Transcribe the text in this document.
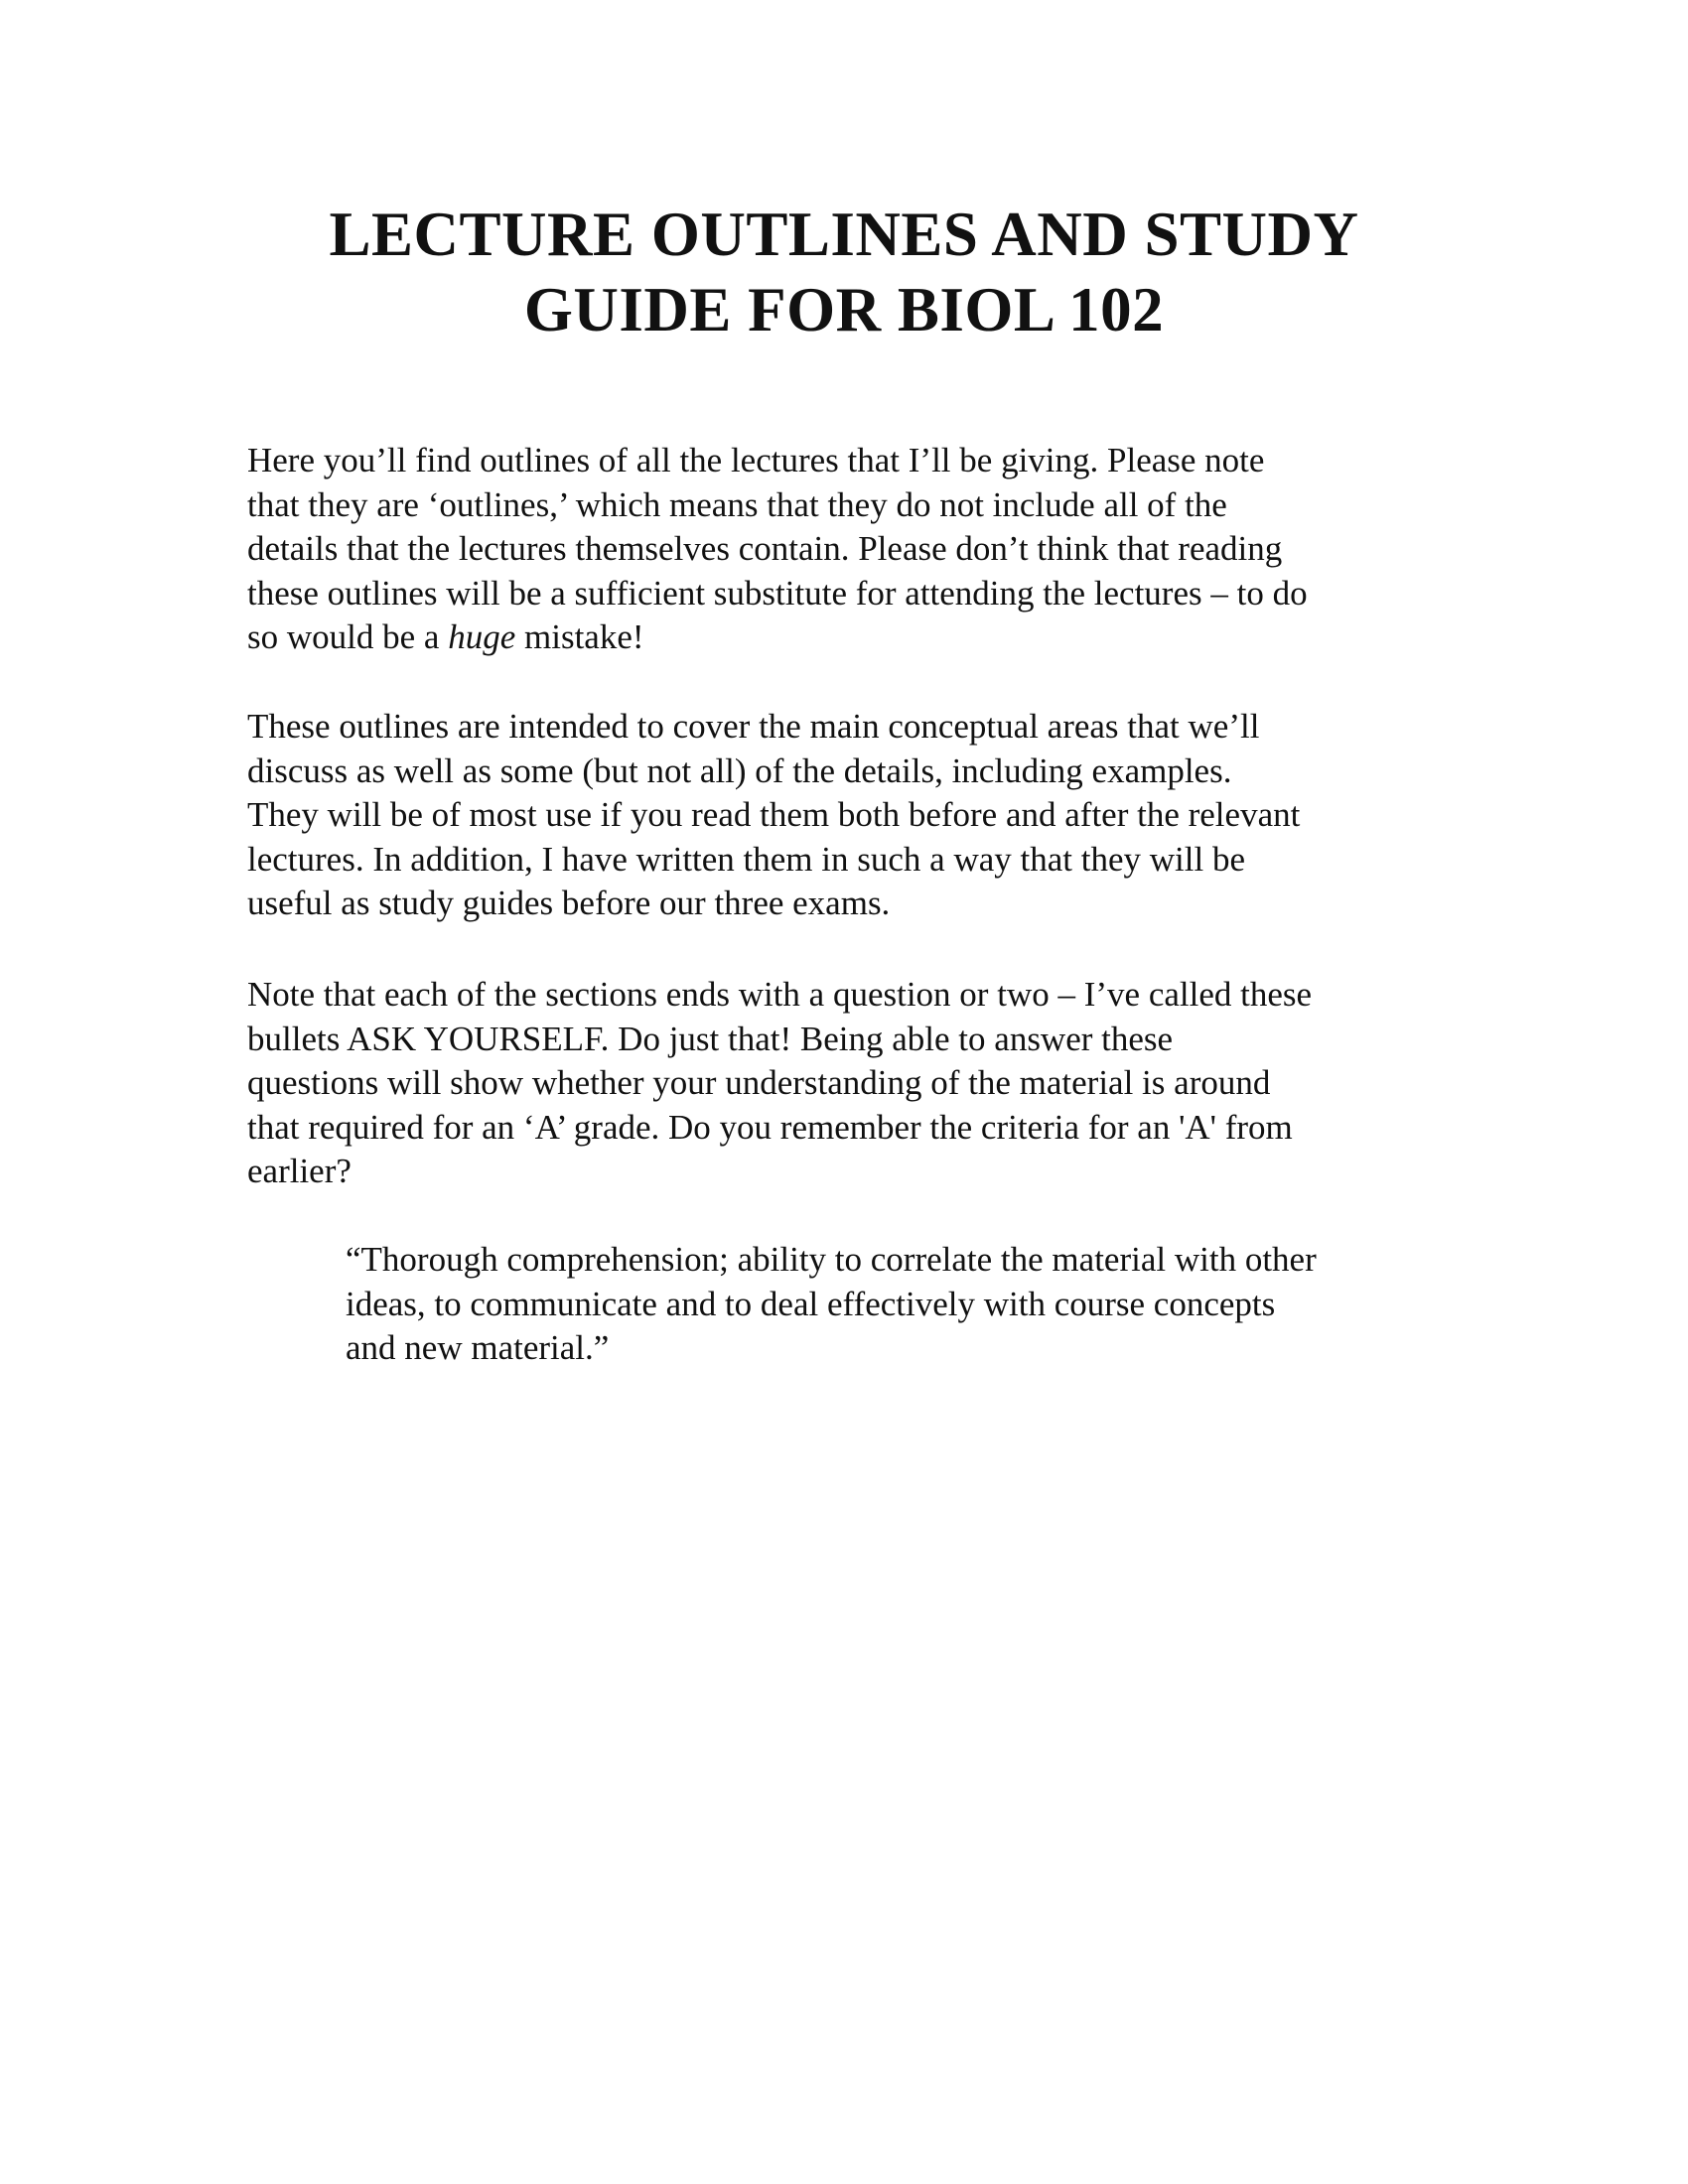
LECTURE OUTLINES AND STUDY
GUIDE FOR BIOL 102
Here you’ll find outlines of all the lectures that I’ll be giving. Please note
that they are ‘outlines,’ which means that they do not include all of the
details that the lectures themselves contain. Please don’t think that reading
these outlines will be a sufficient substitute for attending the lectures – to do
so would be a huge mistake!
These outlines are intended to cover the main conceptual areas that we’ll
discuss as well as some (but not all) of the details, including examples.
They will be of most use if you read them both before and after the relevant
lectures. In addition, I have written them in such a way that they will be
useful as study guides before our three exams.
Note that each of the sections ends with a question or two – I’ve called these
bullets ASK YOURSELF. Do just that! Being able to answer these
questions will show whether your understanding of the material is around
that required for an ‘A’ grade. Do you remember the criteria for an 'A' from
earlier?
“Thorough comprehension; ability to correlate the material with other
ideas, to communicate and to deal effectively with course concepts
and new material.”
